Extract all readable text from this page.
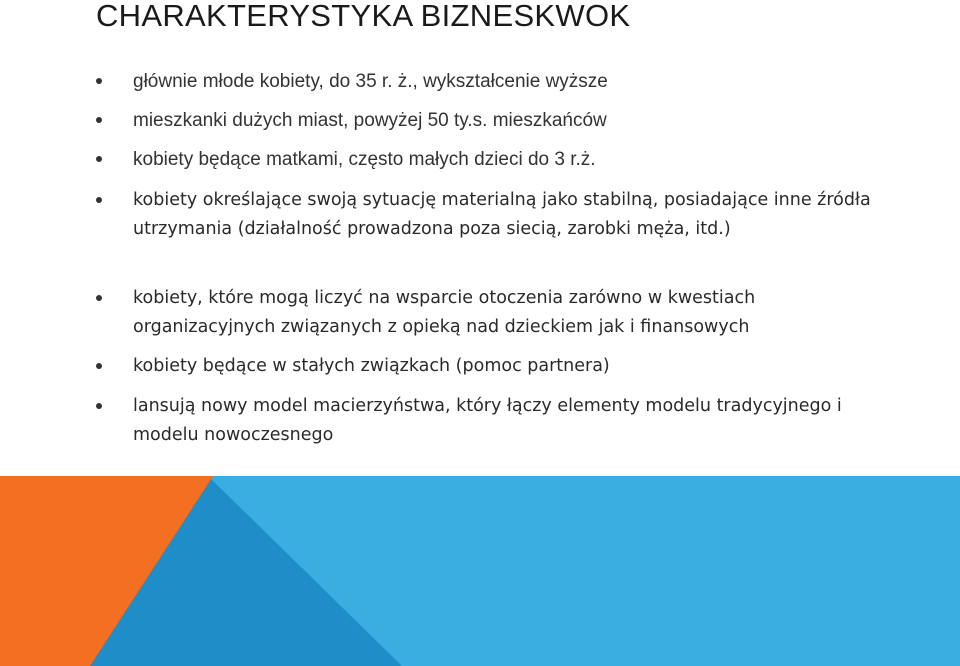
CHARAKTERYSTYKA BIZNESKWOK
głównie młode kobiety, do 35 r. ż., wykształcenie wyższe
mieszkanki dużych miast, powyżej 50 ty.s. mieszkańców
kobiety będące matkami, często małych dzieci do 3 r.ż.
kobiety określające swoją sytuację materialną jako stabilną, posiadające inne źródła utrzymania (działalność prowadzona poza siecią, zarobki męża, itd.)
kobiety, które mogą liczyć na wsparcie otoczenia zarówno w kwestiach organizacyjnych związanych z opieką nad dzieckiem jak i finansowych
kobiety będące w stałych związkach (pomoc partnera)
lansują nowy model macierzyństwa, który łączy elementy modelu tradycyjnego i modelu nowoczesnego
